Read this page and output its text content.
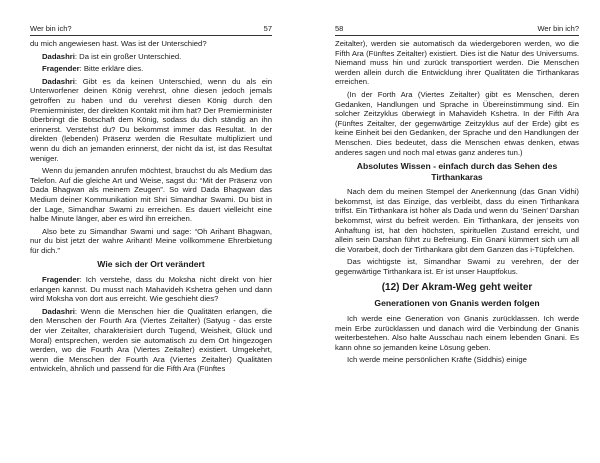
Wer bin ich?	57

du mich angewiesen hast. Was ist der Unterschied?

Dadashri: Da ist ein großer Unterschied.

Fragender: Bitte erkläre dies.

Dadashri: Gibt es da keinen Unterschied, wenn du als ein Unterworfener deinen König verehrst, ohne diesen jedoch jemals getroffen zu haben und du verehrst diesen König durch den Premierminister, der direkten Kontakt mit ihm hat? Der Premierminister überbringt die Botschaft dem König, sodass du dich ständig an ihn erinnerst. Verstehst du? Du bekommst immer das Resultat. In der direkten (lebenden) Präsenz werden die Resultate multipliziert und wenn du dich an jemanden erinnerst, der nicht da ist, ist das Resultat weniger.

Wenn du jemanden anrufen möchtest, brauchst du als Medium das Telefon. Auf die gleiche Art und Weise, sagst du: “Mit der Präsenz von Dada Bhagwan als meinem Zeugen”. So wird Dada Bhagwan das Medium deiner Kommunikation mit Shri Simandhar Swami. Du bist in der Lage, Simandhar Swami zu erreichen. Es dauert vielleicht eine halbe Minute länger, aber es wird ihn erreichen.

Also bete zu Simandhar Swami und sage: “Oh Arihant Bhagwan, nur du bist jetzt der wahre Arihant! Meine vollkommene Ehrerbietung für dich.”

Wie sich der Ort verändert

Fragender: Ich verstehe, dass du Moksha nicht direkt von hier erlangen kannst. Du musst nach Mahavideh Kshetra gehen und dann wird Moksha von dort aus erreicht. Wie geschieht dies?

Dadashri: Wenn die Menschen hier die Qualitäten erlangen, die den Menschen der Fourth Ara (Viertes Zeitalter) (Satyug - das erste der vier Zeitalter, charakterisiert durch Tugend, Weisheit, Glück und Moral) entsprechen, werden sie automatisch zu dem Ort hingezogen werden, wo die Fourth Ara (Viertes Zeitalter) existiert. Umgekehrt, wenn die Menschen der Fourth Ara (Viertes Zeitalter) Qualitäten entwickeln, ähnlich und passend für die Fifth Ara (Fünftes

58	Wer bin ich?

Zeitalter), werden sie automatisch da wiedergeboren werden, wo die Fifth Ara (Fünftes Zeitalter) existiert. Dies ist die Natur des Universums. Niemand muss hin und zurück transportiert werden. Die Menschen werden allein durch die Entwicklung ihrer Qualitäten die Tirthankaras erreichen.

(In der Forth Ara (Viertes Zeitalter) gibt es Menschen, deren Gedanken, Handlungen und Sprache in Übereinstimmung sind. Ein solcher Zeitzyklus überwiegt in Mahavideh Kshetra. In der Fifth Ara (Fünftes Zeitalter, der gegenwärtige Zeitzyklus auf der Erde) gibt es keine Einheit bei den Gedanken, der Sprache und den Handlungen der Menschen. Dies bedeutet, dass die Menschen etwas denken, etwas anderes sagen und noch mal etwas ganz anderes tun.)

Absolutes Wissen - einfach durch das Sehen des Tirthankaras

Nach dem du meinen Stempel der Anerkennung (das Gnan Vidhi) bekommst, ist das Einzige, das verbleibt, dass du einen Tirthankara triffst. Ein Tirthankara ist höher als Dada und wenn du ‘Seinen’ Darshan bekommst, wirst du befreit werden. Ein Tirthankara, der jenseits von Anhaftung ist, hat den höchsten, spirituellen Zustand erreicht, und allein sein Darshan führt zu Befreiung. Ein Gnani kümmert sich um all die Vorarbeit, doch der Tirthankara gibt dem Ganzen das i-Tüpfelchen.

Das wichtigste ist, Simandhar Swami zu verehren, der der gegenwärtige Tirthankara ist. Er ist unser Hauptfokus.

(12) Der Akram-Weg geht weiter
Generationen von Gnanis werden folgen

Ich werde eine Generation von Gnanis zurücklassen. Ich werde mein Erbe zurücklassen und danach wird die Verbindung der Gnanis weiterbestehen. Also halte Ausschau nach einem lebenden Gnani. Es kann ohne so jemanden keine Lösung geben.

Ich werde meine persönlichen Kräfte (Siddhis) einige
